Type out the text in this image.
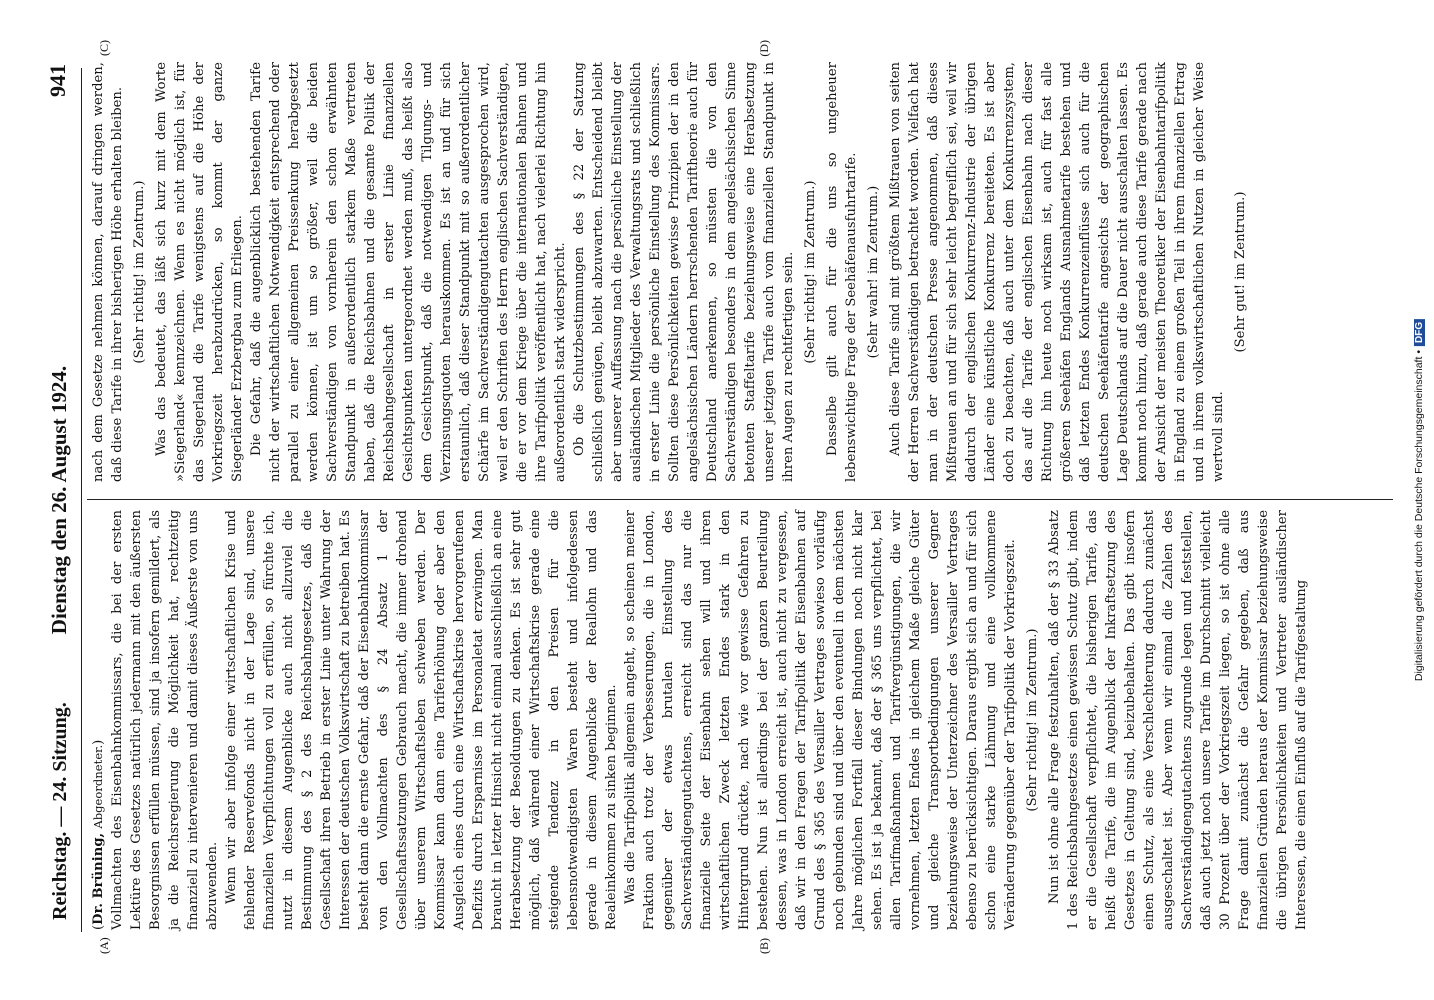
Reichstag. — 24. Sitzung.
Dienstag den 26. August 1924.
941
(A)	(B)
(C)	(D)

(Dr. Brüning, Abgeordneter.) Vollmachten des Eisenbahnkommissars, die bei der ersten Lektüre des Gesetzes natürlich jedermann mit den äußersten Besorgnissen erfüllen müssen, sind ja insofern gemildert, als ja die Reichsregierung die Möglichkeit hat, rechtzeitig finanziell zu intervenieren und damit dieses Äußerste von uns abzuwenden. Wenn wir aber infolge einer wirtschaftlichen Krise und fehlender Reservefonds nicht in der Lage sind, unsere finanziellen Verpflichtungen voll zu erfüllen, so fürchte ich, nutzt in diesem Augenblicke auch nicht allzuviel die Bestimmung des § 2 des Reichsbahngesetzes, daß die Gesellschaft ihren Betrieb in erster Linie unter Wahrung der Interessen der deutschen Volkswirtschaft zu betreiben hat. Es besteht dann die ernste Gefahr, daß der Eisenbahnkommissar von den Vollmachten des § 24 Absatz 1 der Gesellschaftssatzungen Gebrauch macht, die immer drohend über unserem Wirtschaftsleben schweben werden. Der Kommissar kann dann eine Tariferhöhung oder aber den Ausgleich eines durch eine Wirtschaftskrise hervorgerufenen Defizits durch Ersparnisse im Personaletat erzwingen. Man braucht in letzter Hinsicht nicht einmal ausschließlich an eine Herabsetzung der Besoldungen zu denken. Es ist sehr gut möglich, daß während einer Wirtschaftskrise gerade eine steigende Tendenz in den Preisen für die lebensnotwendigsten Waren besteht und infolgedessen gerade in diesem Augenblicke der Reallohn und das Realeinkommen zu sinken beginnen. Was die Tarifpolitik allgemein angeht, so scheinen meiner Fraktion auch trotz der Verbesserungen, die in London, gegenüber der etwas brutalen Einstellung des Sachverständigengutachtens, erreicht sind das nur die finanzielle Seite der Eisenbahn sehen will und ihren wirtschaftlichen Zweck letzten Endes stark in den Hintergrund drückte, nach wie vor gewisse Gefahren zu bestehen. Nun ist allerdings bei der ganzen Beurteilung dessen, was in London erreicht ist, auch nicht zu vergessen, daß wir in den Fragen der Tarifpolitik der Eisenbahnen auf Grund des § 365 des Versailler Vertrages sowieso vorläufig noch gebunden sind und über den eventuell in dem nächsten Jahre möglichen Fortfall dieser Bindungen noch nicht klar sehen. Es ist ja bekannt, daß der § 365 uns verpflichtet, bei allen Tarifmaßnahmen und Tarifvergünstigungen, die wir vornehmen, letzten Endes in gleichem Maße gleiche Güter und gleiche Transportbedingungen unserer Gegner beziehungsweise der Unterzeichner des Versailler Vertrages ebenso zu berücksichtigen. Daraus ergibt sich an und für sich schon eine starke Lähmung und eine vollkommene Veränderung gegenüber der Tarifpolitik der Vorkriegszeit. (Sehr richtig! im Zentrum.) Nun ist ohne alle Frage festzuhalten, daß der § 33 Absatz 1 des Reichsbahngesetzes einen gewissen Schutz gibt, indem er die Gesellschaft verpflichtet, die bisherigen Tarife, das heißt die Tarife, die im Augenblick der Inkraftsetzung des Gesetzes in Geltung sind, beizubehalten. Das gibt insofern einen Schutz, als eine Verschlechterung dadurch zunächst ausgeschaltet ist. Aber wenn wir einmal die Zahlen des Sachverständigengutachtens zugrunde legen und feststellen, daß auch jetzt noch unsere Tarife im Durchschnitt vielleicht 30 Prozent über der Vorkriegszeit liegen, so ist ohne alle Frage damit zunächst die Gefahr gegeben, daß aus finanziellen Gründen heraus der Kommissar beziehungsweise die übrigen Persönlichkeiten und Vertreter ausländischer Interessen, die einen Einfluß auf die Tarifgestaltung

nach dem Gesetze nehmen können, darauf dringen werden, daß diese Tarife in ihrer bisherigen Höhe erhalten bleiben. (Sehr richtig! im Zentrum.) Was das bedeutet, das läßt sich kurz mit dem Worte »Siegerland« kennzeichnen. Wenn es nicht möglich ist, für das Siegerland die Tarife wenigstens auf die Höhe der Vorkriegszeit herabzudrücken, so kommt der ganze Siegerländer Erzbergbau zum Erliegen. Die Gefahr, daß die augenblicklich bestehenden Tarife nicht der wirtschaftlichen Notwendigkeit entsprechend oder parallel zu einer allgemeinen Preissenkung herabgesetzt werden können, ist um so größer, weil die beiden Sachverständigen von vornherein den schon erwähnten Standpunkt in außerordentlich starkem Maße vertreten haben, daß die Reichsbahnen und die gesamte Politik der Reichsbahngesellschaft in erster Linie finanziellen Gesichtspunkten untergeordnet werden muß, das heißt also dem Gesichtspunkt, daß die notwendigen Tilgungs- und Verzinsungsquoten herauskommen. Es ist an und für sich erstaunlich, daß dieser Standpunkt mit so außerordentlicher Schärfe im Sachverständigengutachten ausgesprochen wird, weil er den Schriften des Herrn englischen Sachverständigen, die er vor dem Kriege über die internationalen Bahnen und ihre Tarifpolitik veröffentlicht hat, nach vielerlei Richtung hin außerordentlich stark widerspricht. Ob die Schutzbestimmungen des § 22 der Satzung schließlich genügen, bleibt abzuwarten. Entscheidend bleibt aber unserer Auffassung nach die persönliche Einstellung der ausländischen Mitglieder des Verwaltungsrats und schließlich in erster Linie die persönliche Einstellung des Kommissars. Sollten diese Persönlichkeiten gewisse Prinzipien der in den angelsächsischen Ländern herrschenden Tariftheorie auch für Deutschland anerkennen, so müssten die von den Sachverständigen besonders in dem angelsächsischen Sinne betonten Staffeltarife beziehungsweise eine Herabsetzung unserer jetzigen Tarife auch vom finanziellen Standpunkt in ihren Augen zu rechtfertigen sein. (Sehr richtig! im Zentrum.) Dasselbe gilt auch für die uns so ungeheuer lebenswichtige Frage der Seehäfenausfuhrtarife. (Sehr wahr! im Zentrum.) Auch diese Tarife sind mit größtem Mißtrauen von seiten der Herren Sachverständigen betrachtet worden. Vielfach hat man in der deutschen Presse angenommen, daß dieses Mißtrauen an und für sich sehr leicht begreiflich sei, weil wir dadurch der englischen Konkurrenz-Industrie der übrigen Länder eine künstliche Konkurrenz bereiteten. Es ist aber doch zu beachten, daß auch unter dem Konkurrenzsystem, das auf die Tarife der englischen Eisenbahn nach dieser Richtung hin heute noch wirksam ist, auch für fast alle größeren Seehäfen Englands Ausnahmetarife bestehen und daß letzten Endes Konkurrenzeinflüsse sich auch für die deutschen Seehäfentarife angesichts der geographischen Lage Deutschlands auf die Dauer nicht ausschalten lassen. Es kommt noch hinzu, daß gerade auch diese Tarife gerade nach der Ansicht der meisten Theoretiker der Eisenbahntarifpolitik in England zu einem großen Teil in ihrem finanziellen Ertrag und in ihrem volkswirtschaftlichen Nutzen in gleicher Weise wertvoll sind.

(Sehr gut! im Zentrum.)

Digitalisierung gefördert durch die Deutsche Forschungsgemeinschaft •DFG
